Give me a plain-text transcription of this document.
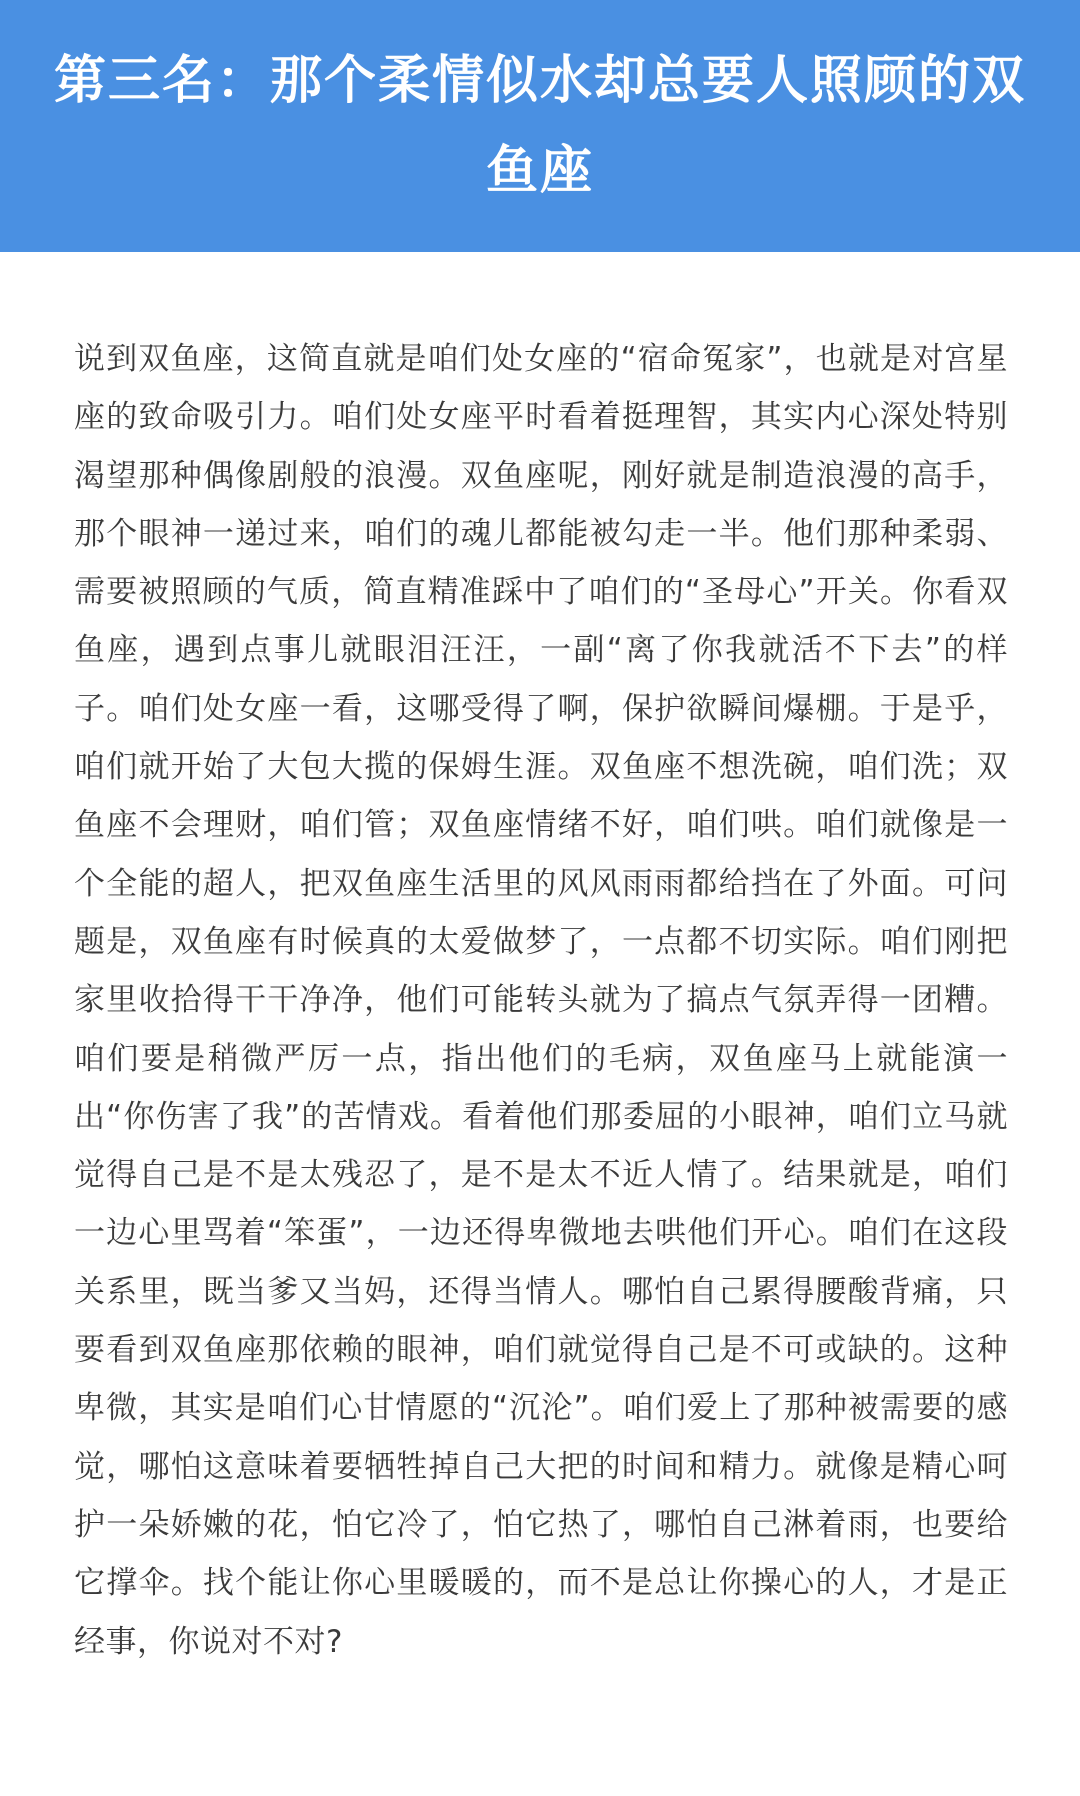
第三名：那个柔情似水却总要人照顾的双鱼座

说到双鱼座，这简直就是咱们处女座的“宿命冤家”，也就是对宫星座的致命吸引力。咱们处女座平时看着挺理智，其实内心深处特别渴望那种偶像剧般的浪漫。双鱼座呢，刚好就是制造浪漫的高手，那个眼神一递过来，咱们的魂儿都能被勾走一半。他们那种柔弱、需要被照顾的气质，简直精准踩中了咱们的“圣母心”开关。你看双鱼座，遇到点事儿就眼泪汪汪，一副“离了你我就活不下去”的样子。咱们处女座一看，这哪受得了啊，保护欲瞬间爆棚。于是乎，咱们就开始了大包大揽的保姆生涯。双鱼座不想洗碗，咱们洗；双鱼座不会理财，咱们管；双鱼座情绪不好，咱们哄。咱们就像是一个全能的超人，把双鱼座生活里的风风雨雨都给挡在了外面。可问题是，双鱼座有时候真的太爱做梦了，一点都不切实际。咱们刚把家里收拾得干干净净，他们可能转头就为了搞点气氛弄得一团糟。咱们要是稍微严厉一点，指出他们的毛病，双鱼座马上就能演一出“你伤害了我”的苦情戏。看着他们那委屈的小眼神，咱们立马就觉得自己是不是太残忍了，是不是太不近人情了。结果就是，咱们一边心里骂着“笨蛋”，一边还得卑微地去哄他们开心。咱们在这段关系里，既当爹又当妈，还得当情人。哪怕自己累得腰酸背痛，只要看到双鱼座那依赖的眼神，咱们就觉得自己是不可或缺的。这种卑微，其实是咱们心甘情愿的“沉沦”。咱们爱上了那种被需要的感觉，哪怕这意味着要牺牲掉自己大把的时间和精力。就像是精心呵护一朵娇嫩的花，怕它冷了，怕它热了，哪怕自己淋着雨，也要给它撑伞。找个能让你心里暖暖的，而不是总让你操心的人，才是正经事，你说对不对?
